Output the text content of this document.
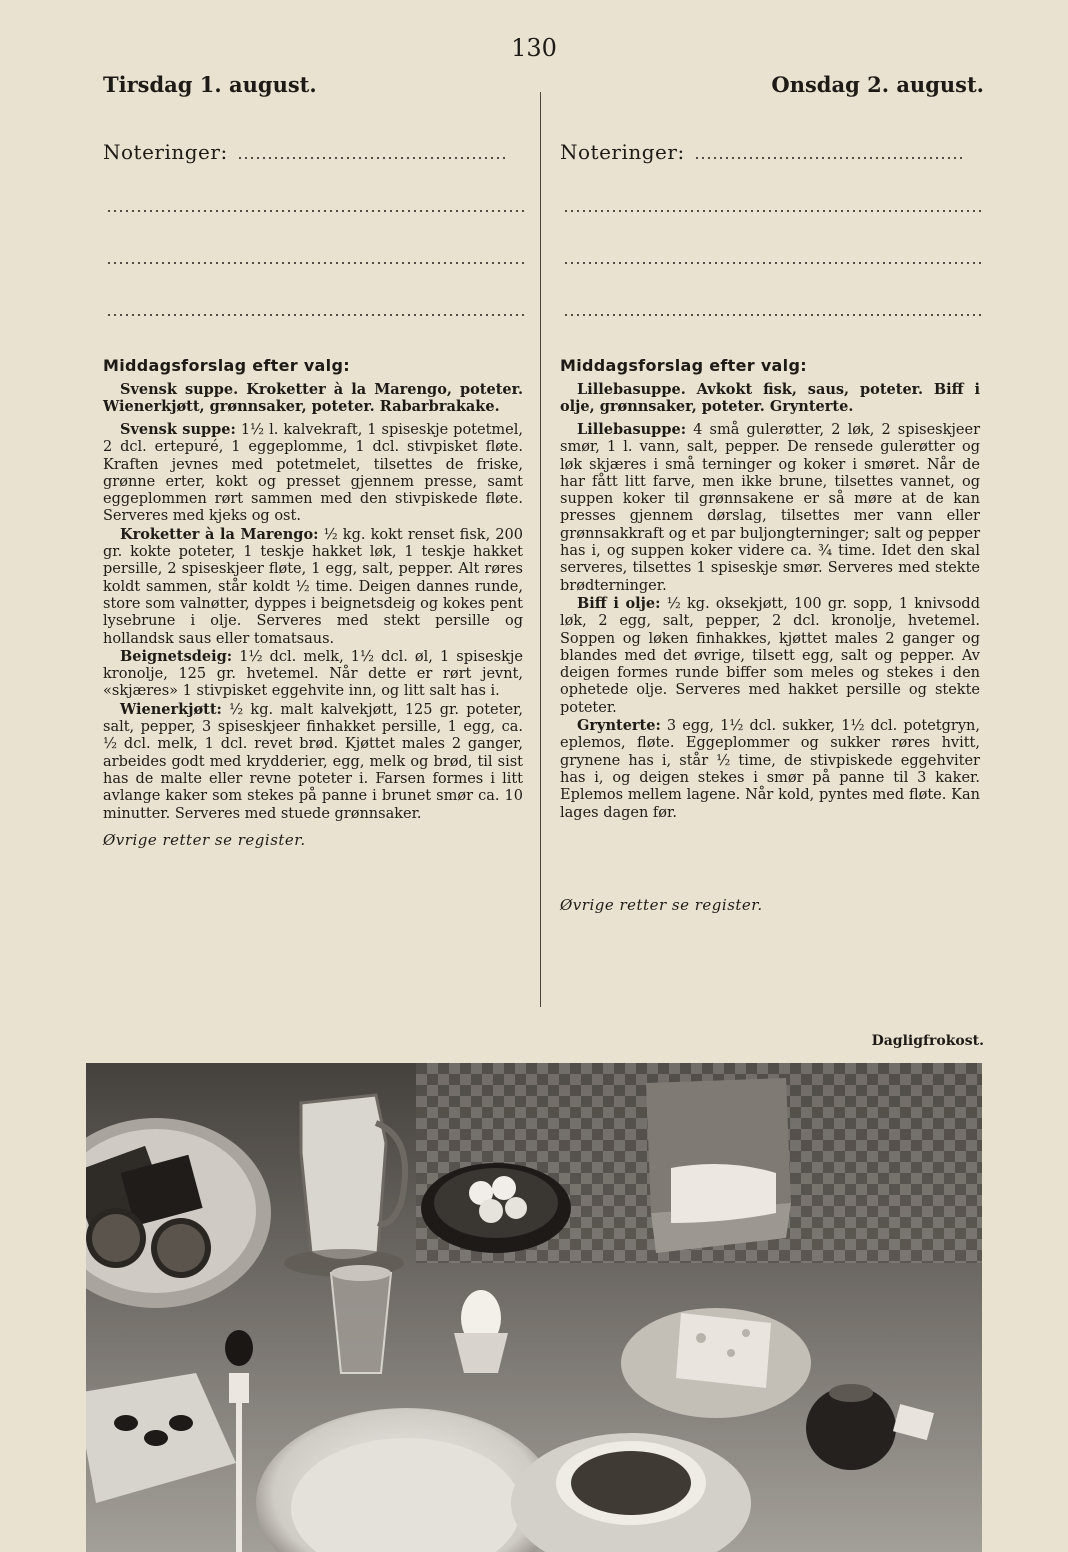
130
Tirsdag 1. august.	Onsdag 2. august.
Noteringer:	Noteringer:
Middagsforslag efter valg:

Svensk suppe. Kroketter à la Marengo, poteter. Wienerkjøtt, grønnsaker, poteter. Rabarbrakake.

Svensk suppe: 1½ l. kalvekraft, 1 spiseskje potetmel, 2 dcl. ertepuré, 1 eggeplomme, 1 dcl. stivpisket fløte. Kraften jevnes med potetmelet, tilsettes de friske, grønne erter, kokt og presset gjennem presse, samt eggeplommen rørt sammen med den stivpiskede fløte. Serveres med kjeks og ost.

Kroketter à la Marengo: ½ kg. kokt renset fisk, 200 gr. kokte poteter, 1 teskje hakket løk, 1 teskje hakket persille, 2 spiseskjeer fløte, 1 egg, salt, pepper. Alt røres koldt sammen, står koldt ½ time. Deigen dannes runde, store som valnøtter, dyppes i beignetsdeig og kokes pent lysebrune i olje. Serveres med stekt persille og hollandsk saus eller tomatsaus.

Beignetsdeig: 1½ dcl. melk, 1½ dcl. øl, 1 spiseskje kronolje, 125 gr. hvetemel. Når dette er rørt jevnt, «skjæres» 1 stivpisket eggehvite inn, og litt salt has i.

Wienerkjøtt: ½ kg. malt kalvekjøtt, 125 gr. poteter, salt, pepper, 3 spiseskjeer finhakket persille, 1 egg, ca. ½ dcl. melk, 1 dcl. revet brød. Kjøttet males 2 ganger, arbeides godt med krydderier, egg, melk og brød, til sist has de malte eller revne poteter i. Farsen formes i litt avlange kaker som stekes på panne i brunet smør ca. 10 minutter. Serveres med stuede grønnsaker.

Øvrige retter se register.
Middagsforslag efter valg:

Lillebasuppe. Avkokt fisk, saus, poteter. Biff i olje, grønnsaker, poteter. Grynterte.

Lillebasuppe: 4 små gulerøtter, 2 løk, 2 spiseskjeer smør, 1 l. vann, salt, pepper. De rensede gulerøtter og løk skjæres i små terninger og koker i smøret. Når de har fått litt farve, men ikke brune, tilsettes vannet, og suppen koker til grønnsakene er så møre at de kan presses gjennem dørslag, tilsettes mer vann eller grønnsakkraft og et par buljongterninger; salt og pepper has i, og suppen koker videre ca. ¾ time. Idet den skal serveres, tilsettes 1 spiseskje smør. Serveres med stekte brødterninger.

Biff i olje: ½ kg. oksekjøtt, 100 gr. sopp, 1 knivsodd løk, 2 egg, salt, pepper, 2 dcl. kronolje, hvetemel. Soppen og løken finhakkes, kjøttet males 2 ganger og blandes med det øvrige, tilsett egg, salt og pepper. Av deigen formes runde biffer som meles og stekes i den ophetede olje. Serveres med hakket persille og stekte poteter.

Grynterte: 3 egg, 1½ dcl. sukker, 1½ dcl. potetgryn, eplemos, fløte. Eggeplommer og sukker røres hvitt, grynene has i, står ½ time, de stivpiskede eggehviter has i, og deigen stekes i smør på panne til 3 kaker. Eplemos mellem lagene. Når kold, pyntes med fløte. Kan lages dagen før.

Øvrige retter se register.
Dagligfrokost.
